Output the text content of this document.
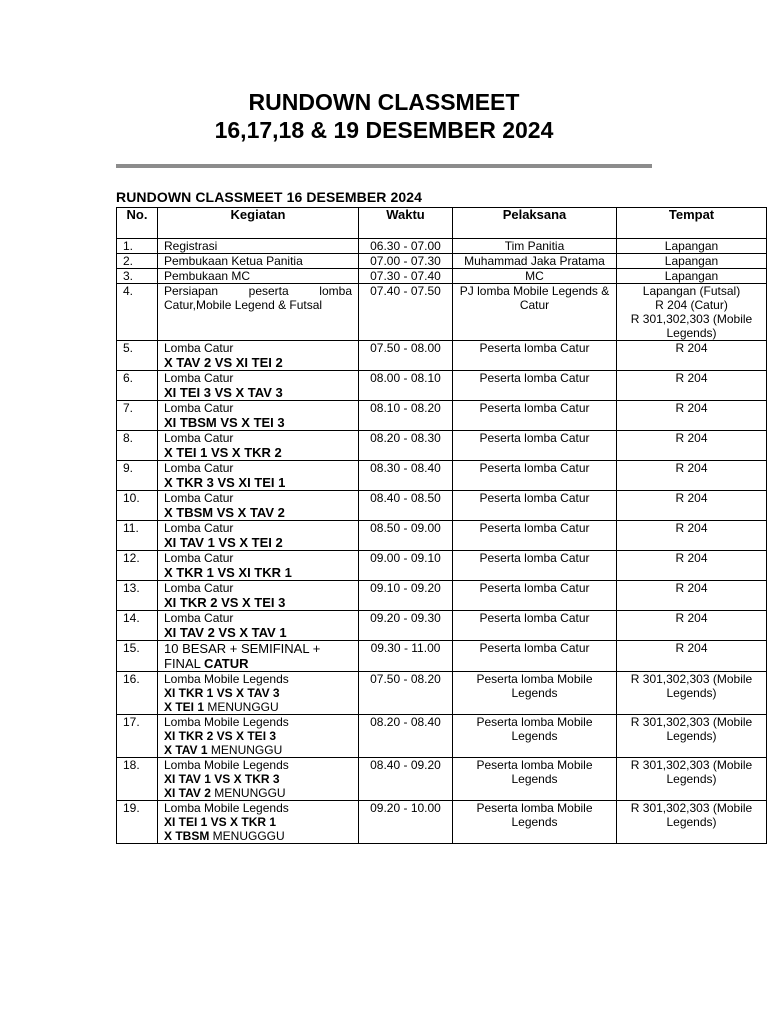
RUNDOWN CLASSMEET
16,17,18 & 19 DESEMBER 2024
RUNDOWN CLASSMEET 16 DESEMBER 2024
No.	Kegiatan	Waktu	Pelaksana	Tempat
1.	Registrasi	06.30 - 07.00	Tim Panitia	Lapangan
2.	Pembukaan Ketua Panitia	07.00 - 07.30	Muhammad Jaka Pratama	Lapangan
3.	Pembukaan MC	07.30 - 07.40	MC	Lapangan
4.	Persiapan peserta lomba Catur,Mobile Legend & Futsal	07.40 - 07.50	PJ lomba Mobile Legends & Catur	Lapangan (Futsal)
R 204 (Catur)
R 301,302,303 (Mobile Legends)

5.	Lomba Catur
X TAV 2 VS XI TEI 2	07.50 - 08.00	Peserta lomba Catur	R 204
6.	Lomba Catur
XI TEI 3 VS X TAV 3	08.00 - 08.10	Peserta lomba Catur	R 204
7.	Lomba Catur
XI TBSM VS X TEI 3	08.10 - 08.20	Peserta lomba Catur	R 204
8.	Lomba Catur
X TEI 1 VS X TKR 2	08.20 - 08.30	Peserta lomba Catur	R 204
9.	Lomba Catur
X TKR 3 VS XI TEI 1	08.30 - 08.40	Peserta lomba Catur	R 204
10.	Lomba Catur
X TBSM VS X TAV 2	08.40 - 08.50	Peserta lomba Catur	R 204
11.	Lomba Catur
XI TAV 1 VS X TEI 2	08.50 - 09.00	Peserta lomba Catur	R 204
12.	Lomba Catur
X TKR 1 VS XI TKR 1	09.00 - 09.10	Peserta lomba Catur	R 204
13.	Lomba Catur
XI TKR 2 VS X TEI 3	09.10 - 09.20	Peserta lomba Catur	R 204
14.	Lomba Catur
XI TAV 2 VS X TAV 1	09.20 - 09.30	Peserta lomba Catur	R 204
15.	10 BESAR + SEMIFINAL +
FINAL CATUR	09.30 - 11.00	Peserta lomba Catur	R 204
16.	Lomba Mobile Legends
XI TKR 1 VS X TAV 3
X TEI 1 MENUNGGU	07.50 - 08.20	Peserta lomba Mobile Legends	R 301,302,303 (Mobile Legends)
17.	Lomba Mobile Legends
XI TKR 2 VS X TEI 3
X TAV 1 MENUNGGU	08.20 - 08.40	Peserta lomba Mobile Legends	R 301,302,303 (Mobile Legends)
18.	Lomba Mobile Legends
XI TAV 1 VS X TKR 3
XI TAV 2 MENUNGGU	08.40 - 09.20	Peserta lomba Mobile Legends	R 301,302,303 (Mobile Legends)
19.	Lomba Mobile Legends
XI TEI 1 VS X TKR 1
X TBSM MENUGGGU	09.20 - 10.00	Peserta lomba Mobile Legends	R 301,302,303 (Mobile Legends)
